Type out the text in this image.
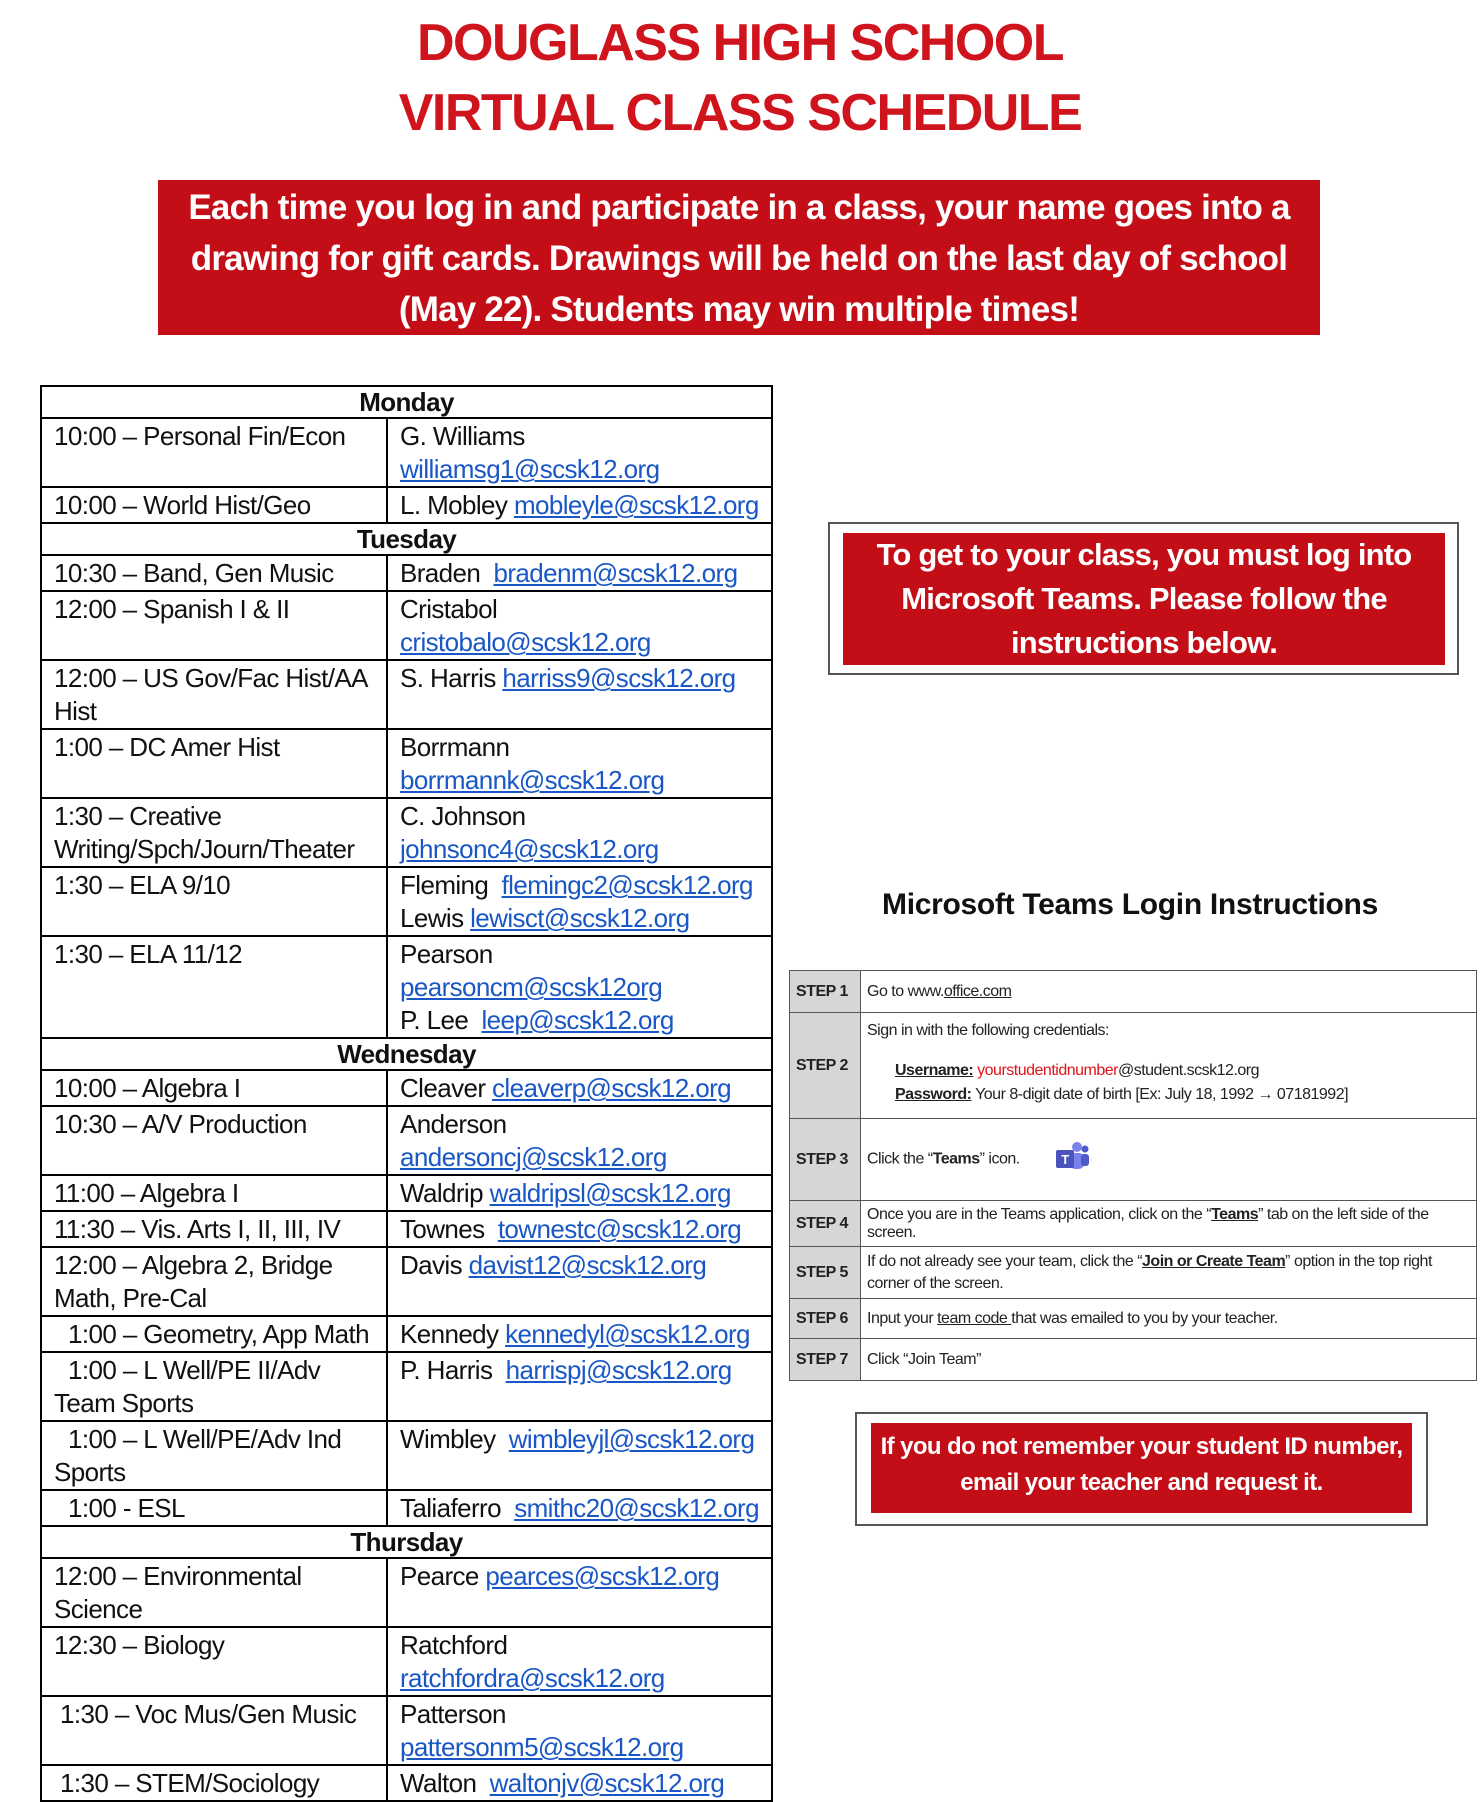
DOUGLASS HIGH SCHOOL
VIRTUAL CLASS SCHEDULE
Each time you log in and participate in a class, your name goes into a
drawing for gift cards. Drawings will be held on the last day of school
(May 22). Students may win multiple times!
Monday	
10:00 – Personal Fin/Econ	G. Williams
williamsg1@scsk12.org
10:00 – World Hist/Geo	L. Mobley mobleyle@scsk12.org
Tuesday	
10:30 – Band, Gen Music	Braden bradenm@scsk12.org
12:00 – Spanish I & II	Cristabol  cristobalo@scsk12.org
12:00 – US Gov/Fac Hist/AA
Hist	S. Harris harriss9@scsk12.org
1:00 – DC Amer Hist	Borrmann
borrmannk@scsk12.org
1:30 – Creative
Writing/Spch/Journ/Theater	C. Johnson
johnsonc4@scsk12.org
1:30 – ELA 9/10	Fleming flemingc2@scsk12.org
Lewis lewisct@scsk12.org
1:30 – ELA 11/12	Pearson  pearsoncm@scsk12org
P. Lee leep@scsk12.org
Wednesday	
10:00 – Algebra I	Cleaver cleaverp@scsk12.org
10:30 – A/V Production	Anderson andersoncj@scsk12.org
11:00 – Algebra I	Waldrip waldripsl@scsk12.org
11:30 – Vis. Arts I, II, III, IV	Townes townestc@scsk12.org
12:00 – Algebra 2, Bridge
Math, Pre-Cal	Davis davist12@scsk12.org
1:00 – Geometry, App Math	Kennedy kennedyl@scsk12.org
1:00 – L Well/PE II/Adv
Team Sports	P. Harris harrispj@scsk12.org
1:00 – L Well/PE/Adv Ind
Sports	Wimbley wimbleyjl@scsk12.org
1:00 - ESL	Taliaferro smithc20@scsk12.org
Thursday	
12:00 – Environmental
Science	Pearce pearces@scsk12.org
12:30 – Biology	Ratchford
ratchfordra@scsk12.org
1:30 – Voc Mus/Gen Music	Patterson
pattersonm5@scsk12.org
1:30 – STEM/Sociology	Walton waltonjv@scsk12.org
To get to your class, you must log into
Microsoft Teams. Please follow the
instructions below.
Microsoft Teams Login Instructions
STEP 1	Go to www.office.com
STEP 2	Sign in with the following credentials:
Username: yourstudentidnumber@student.scsk12.org
Password: Your 8-digit date of birth [Ex: July 18, 1992 → 07181992]

STEP 3	Click the “Teams” icon. T

STEP 4	Once you are in the Teams application, click on the “Teams” tab on the left side of the screen.
STEP 5	If do not already see your team, click the “Join or Create Team” option in the top right corner of the screen.
STEP 6	Input your team code that was emailed to you by your teacher.
STEP 7	Click “Join Team”
If you do not remember your student ID number,
email your teacher and request it.
